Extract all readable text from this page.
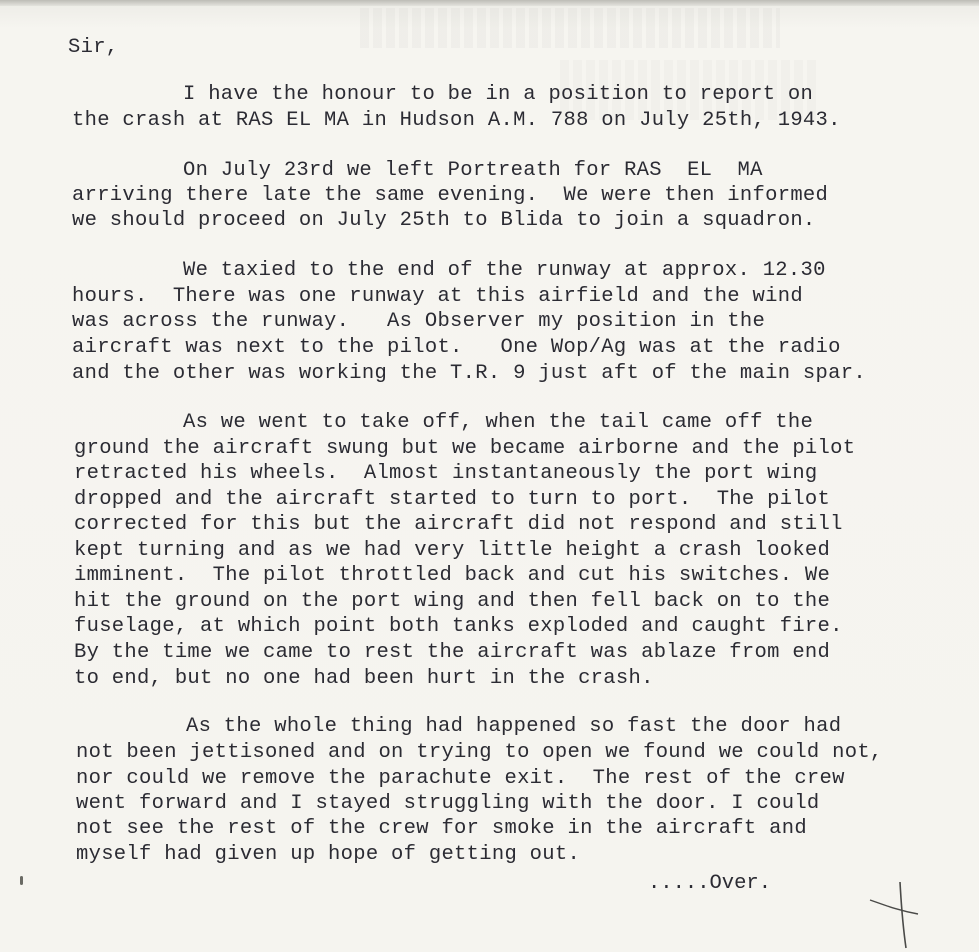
Sir,
I have the honour to be in a position to report on
the crash at RAS EL MA in Hudson A.M. 788 on July 25th, 1943.
On July 23rd we left Portreath for RAS  EL  MA
arriving there late the same evening.  We were then informed
we should proceed on July 25th to Blida to join a squadron.
We taxied to the end of the runway at approx. 12.30
hours.  There was one runway at this airfield and the wind
was across the runway.   As Observer my position in the
aircraft was next to the pilot.   One Wop/Ag was at the radio
and the other was working the T.R. 9 just aft of the main spar.
As we went to take off, when the tail came off the
ground the aircraft swung but we became airborne and the pilot
retracted his wheels.  Almost instantaneously the port wing
dropped and the aircraft started to turn to port.  The pilot
corrected for this but the aircraft did not respond and still
kept turning and as we had very little height a crash looked
imminent.  The pilot throttled back and cut his switches. We
hit the ground on the port wing and then fell back on to the
fuselage, at which point both tanks exploded and caught fire.
By the time we came to rest the aircraft was ablaze from end
to end, but no one had been hurt in the crash.
As the whole thing had happened so fast the door had
not been jettisoned and on trying to open we found we could not,
nor could we remove the parachute exit.  The rest of the crew
went forward and I stayed struggling with the door. I could
not see the rest of the crew for smoke in the aircraft and
myself had given up hope of getting out.
.....Over.
